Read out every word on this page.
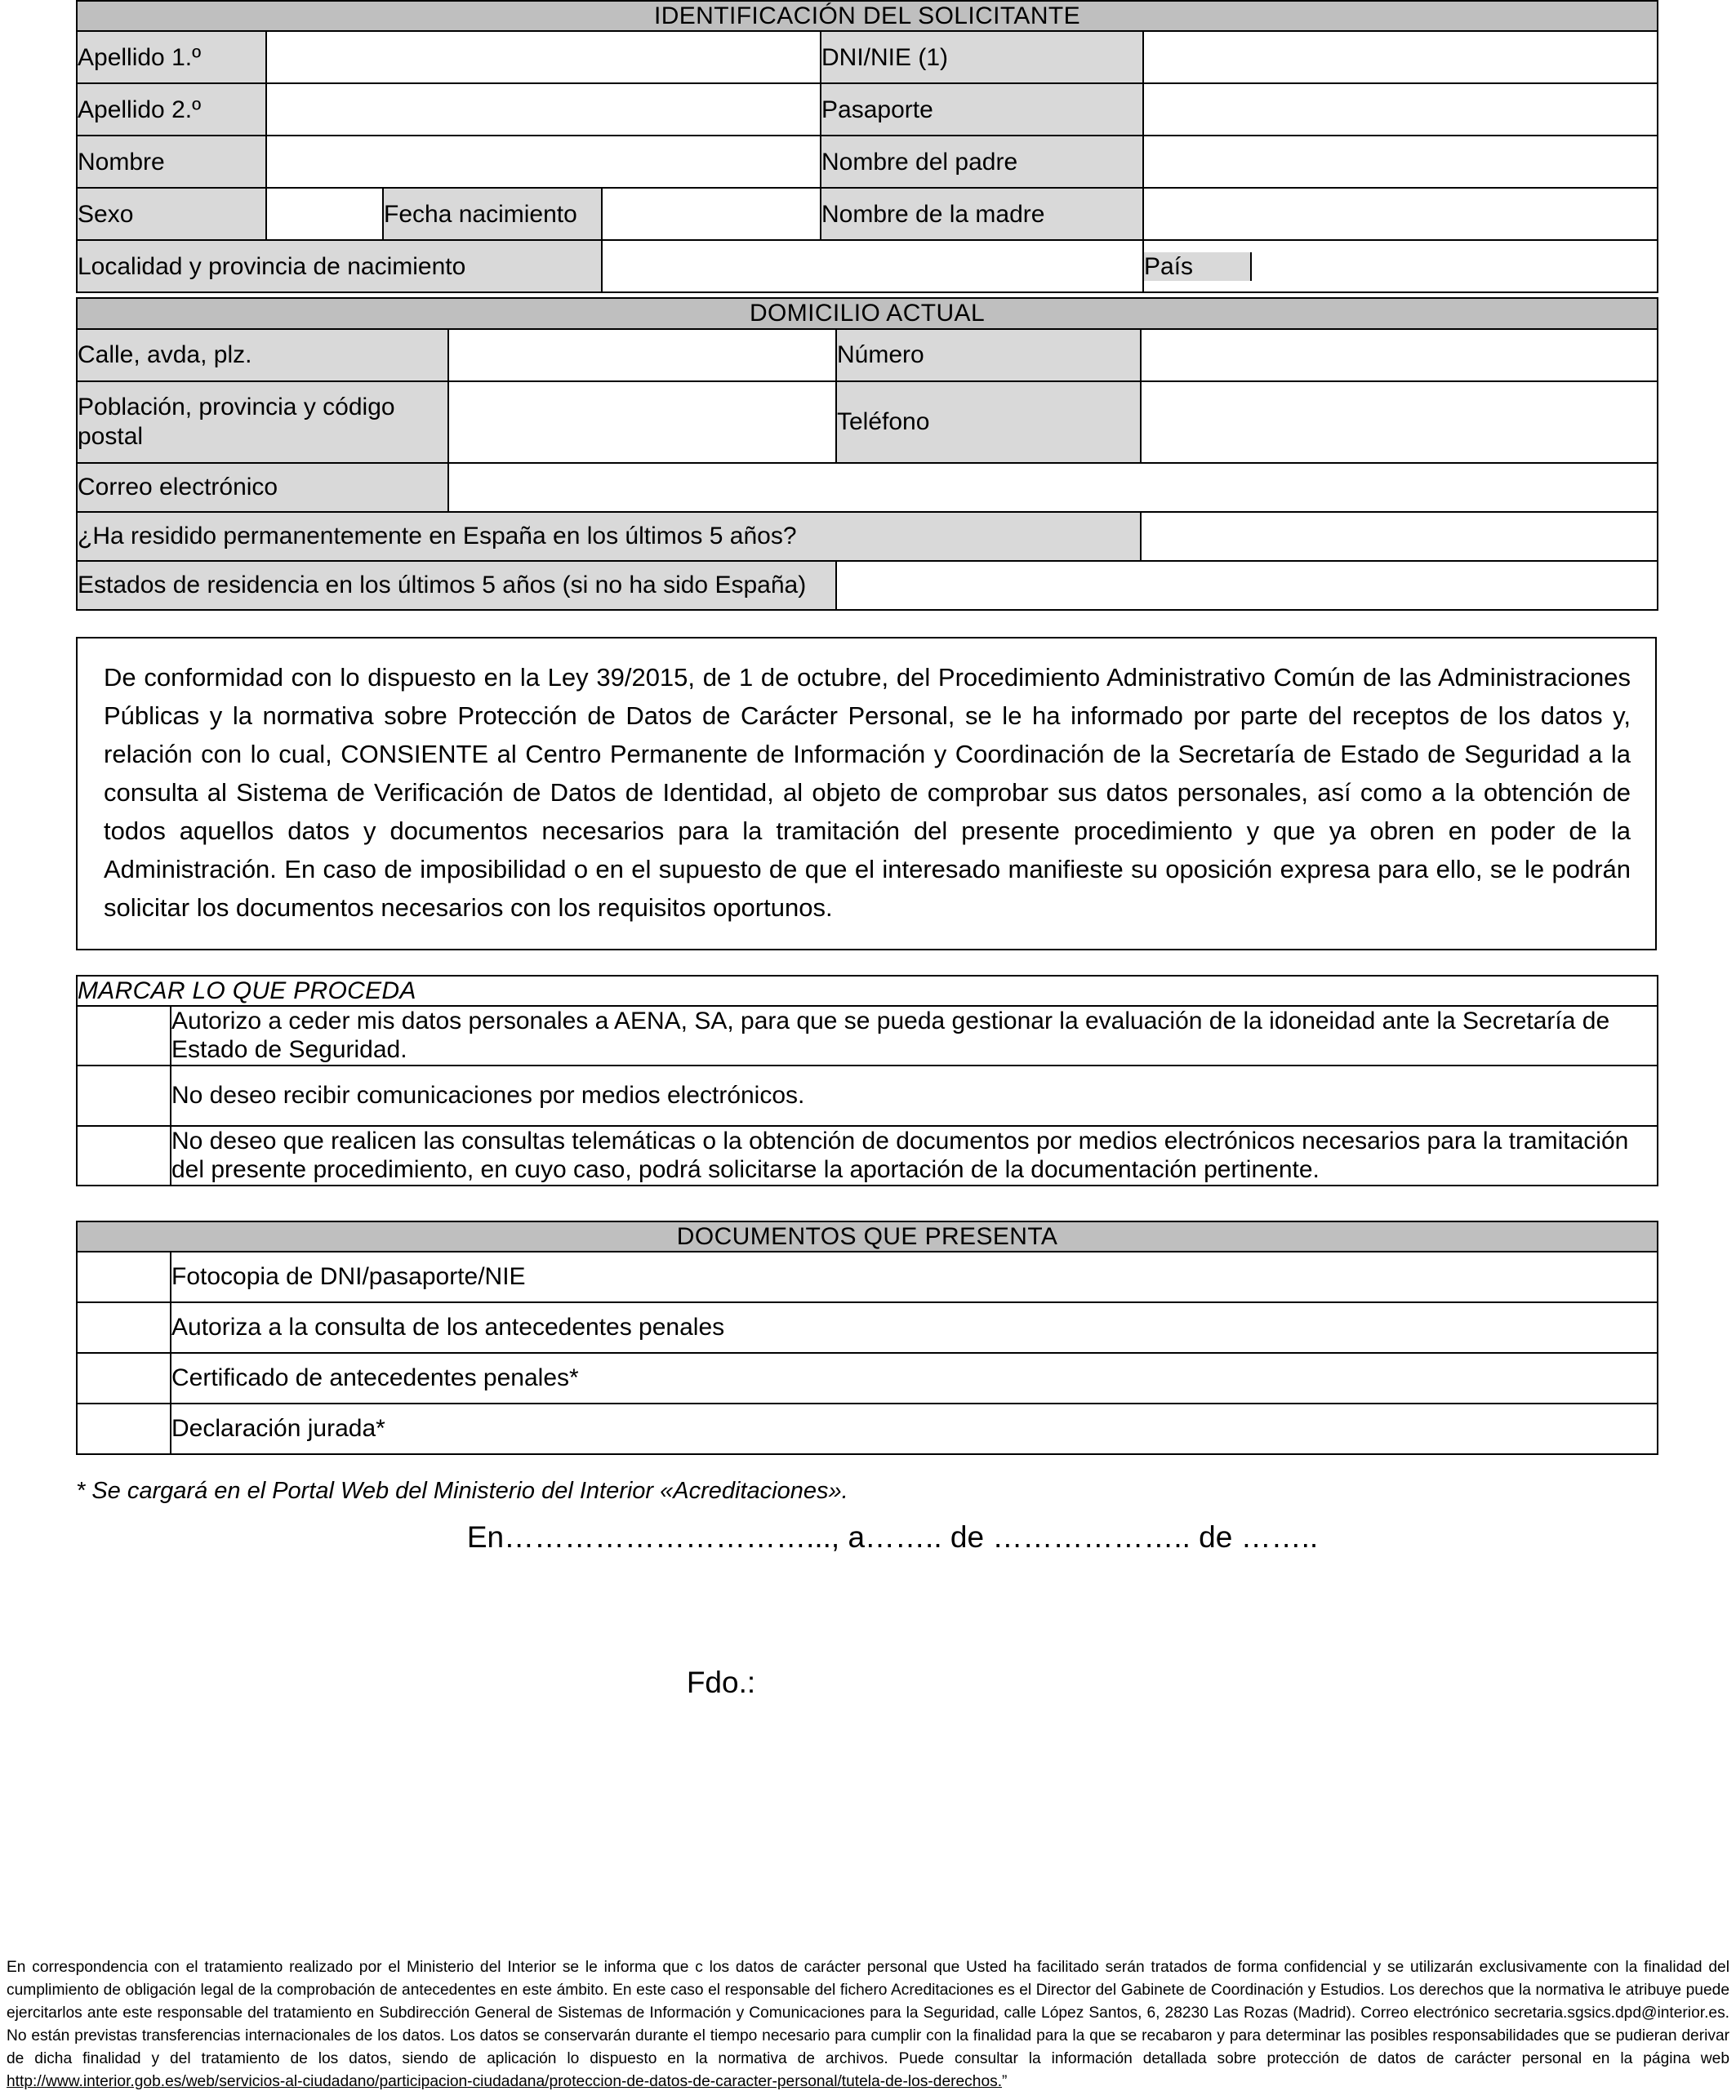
IDENTIFICACIÓN DEL SOLICITANTE
Apellido 1.º		DNI/NIE (1)	
Apellido 2.º		Pasaporte	
Nombre		Nombre del padre	
Sexo		Fecha nacimiento		Nombre de la madre	
Localidad y provincia de nacimiento			País	
DOMICILIO ACTUAL			
Calle, avda, plz.		Número	
Población, provincia y código postal		Teléfono	
Correo electrónico			
¿Ha residido permanentemente en España en los últimos 5 años?			
Estados de residencia en los últimos 5 años (si no ha sido España)			

De conformidad con lo dispuesto en la Ley 39/2015, de 1 de octubre, del Procedimiento Administrativo Común de las Administraciones Públicas y la normativa sobre Protección de Datos de Carácter Personal, se le ha informado por parte del receptos de los datos y, relación con lo cual, CONSIENTE al Centro Permanente de Información y Coordinación de la Secretaría de Estado de Seguridad a la consulta al Sistema de Verificación de Datos de Identidad, al objeto de comprobar sus datos personales, así como a la obtención de todos aquellos datos y documentos necesarios para la tramitación del presente procedimiento y que ya obren en poder de la Administración. En caso de imposibilidad o en el supuesto de que el interesado manifieste su oposición expresa para ello, se le podrán solicitar los documentos necesarios con los requisitos oportunos.

MARCAR LO QUE PROCEDA	
	Autorizo a ceder mis datos personales a AENA, SA, para que se pueda gestionar la evaluación de la idoneidad ante la Secretaría de Estado de Seguridad.
	No deseo recibir comunicaciones por medios electrónicos.
	No deseo que realicen las consultas telemáticas o la obtención de documentos por medios electrónicos necesarios para la tramitación del presente procedimiento, en cuyo caso, podrá solicitarse la aportación de la documentación pertinente.
DOCUMENTOS QUE PRESENTA	
	Fotocopia de DNI/pasaporte/NIE
	Autoriza a la consulta de los antecedentes penales
	Certificado de antecedentes penales*
	Declaración jurada*
* Se cargará en el Portal Web del Ministerio del Interior «Acreditaciones».
En…………………………..., a…….. de ……………….. de ……..
Fdo.:
En correspondencia con el tratamiento realizado por el Ministerio del Interior se le informa que c los datos de carácter personal que Usted ha facilitado serán tratados de forma confidencial y se utilizarán exclusivamente con la finalidad del cumplimiento de obligación legal de la comprobación de antecedentes en este ámbito. En este caso el responsable del fichero Acreditaciones es el Director del Gabinete de Coordinación y Estudios. Los derechos que la normativa le atribuye puede ejercitarlos ante este responsable del tratamiento en Subdirección General de Sistemas de Información y Comunicaciones para la Seguridad, calle López Santos, 6, 28230 Las Rozas (Madrid). Correo electrónico secretaria.sgsics.dpd@interior.es. No están previstas transferencias internacionales de los datos. Los datos se conservarán durante el tiempo necesario para cumplir con la finalidad para la que se recabaron y para determinar las posibles responsabilidades que se pudieran derivar de dicha finalidad y del tratamiento de los datos, siendo de aplicación lo dispuesto en la normativa de archivos. Puede consultar la información detallada sobre protección de datos de carácter personal en la página web http://www.interior.gob.es/web/servicios-al-ciudadano/participacion-ciudadana/proteccion-de-datos-de-caracter-personal/tutela-de-los-derechos.”
